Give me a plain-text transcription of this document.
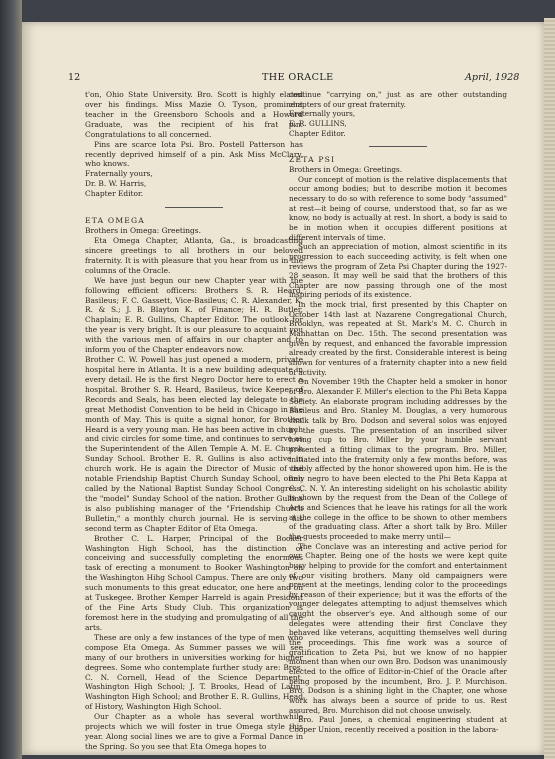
12	THE ORACLE	April, 1928

t'on, Ohio State University. Bro. Scott is highly elated over his findings. Miss Mazie O. Tyson, prominent teacher in the Greensboro Schools and a Howard Graduate, was the recipient of his frat pin. Congratulations to all concerned.

Pins are scarce Iota Psi. Bro. Postell Patterson has recently deprived himself of a pin. Ask Miss McClary, who knows.

Fraternally yours,

Dr. B. W. Harris,

Chapter Editor.

ETA OMEGA

Brothers in Omega: Greetings.

Eta Omega Chapter, Atlanta, Ga., is broadcasting sincere greetings to all brothers in our beloved fraternity. It is with pleasure that you hear from us in the columns of the Oracle.

We have just begun our new Chapter year with the following efficient officers: Brothers S. R. Heard, Basileus; F. C. Gassett, Vice-Basileus; C. R. Alexander, K. R. & S.; J. B. Blayton K. of Finance; H. R. Butler, Chaplain; E. R. Gullins, Chapter Editor. The outlook for the year is very bright. It is our pleasure to acquaint you with the various men of affairs in our chapter and to inform you of the Chapter endeavors now.

Brother C. W. Powell has just opened a modern, private hospital here in Atlanta. It is a new building adequate in every detail. He is the first Negro Doctor here to erect a hospital. Brother S. R. Heard, Basileus, twice Keeper of Records and Seals, has been elected lay delegate to the great Methodist Convention to be held in Chicago in the month of May. This is quite a signal honor, for Brother Heard is a very young man. He has been active in church and civic circles for some time, and continues to serve as the Superintendent of the Allen Temple A. M. E. Church Sunday School. Brother E. R. Gullins is also active in church work. He is again the Director of Music of the notable Friendship Baptist Church Sunday School, often called by the National Baptist Sunday School Congress, the "model" Sunday School of the nation. Brother Gullins is also publishing manager of the "Friendship Church Bulletin," a monthly church journal. He is serving his second term as Chapter Editor of Eta Omega.

Brother C. L. Harper, Principal of the Booker Washington High School, has the distinction of conceiving and successfully completing the enormous task of erecting a monument to Booker Washington on the Washington Hihg School Campus. There are only two such monuments to this great educator, one here and on at Tuskegee. Brother Kemper Harreld is again President of the Fine Arts Study Club. This organization is foremost here in the studying and promulgating of all the arts.

These are only a few instances of the type of men who compose Eta Omega. As Summer passes we will see many of our brothers in universities working for higher degrees. Some who contemplate further study are: Bros. C. N. Cornell, Head of the Science Department, Washington High School; J. T. Brooks, Head of Latin, Washington High School; and Brother E. R. Gullins, Head of History, Washington High School.

Our Chapter as a whole has several worthwhile projects which we will foster in true Omega style this year. Along social lines we are to give a Formal Dance in the Spring. So you see that Eta Omega hopes to

continue "carrying on," just as are other outstanding chapters of our great fraternity.

Fraternally yours,

E. R. GULLINS,

Chapter Editor.

ZETA PSI

Brothers in Omega: Greetings.

Our concept of motion is the relative displacements that occur among bodies; but to describe motion it becomes necessary to do so with reference to some body "assumed" at rest—it being of course, understood that, so far as we know, no body is actually at rest. In short, a body is said to be in motion when it occupies different positions at different intervals of time.

Such an appreciation of motion, almost scientific in its progression to each succeeding activity, is felt when one reviews the program of Zeta Psi Chapter during the 1927-28 season. It may well be said that the brothers of this Chapter are now passing through one of the most inspiring periods of its existence.

In the mock trial, first presented by this Chapter on October 14th last at Nazarene Congregational Church, Brooklyn, was repeated at St. Mark's M. C. Church in Manhattan on Dec. 15th. The second presentation was given by request, and enhanced the favorable impression already created by the first. Considerable interest is being shown for ventures of a fraternity chapter into a new field of activity.

On November 19th the Chapter held a smoker in honor of Bro. Alexander F. Miller's election to the Phi Beta Kappa Society. An elaborate program including addresses by the Basileus and Bro. Stanley M. Douglas, a very humorous chalk talk by Bro. Dodson and several solos was enjoyed by the guests. The presentation of an inscribed silver loving cup to Bro. Miller by your humble servant presented a fitting climax to the program. Bro. Miller, initiated into the fraternity only a few months before, was visibly affected by the honor showered upon him. He is the only negro to have been elected to the Phi Beta Kappa at C. C. N. Y. An interesting sidelight on his scholastic ability is shown by the request from the Dean of the College of Arts and Sciences that he leave his ratings for all the work at the college in the office to be shown to other members of the graduating class. After a short talk by Bro. Miller the guests proceeded to make merry until—

The Conclave was an interesting and active period for our Chapter. Being one of the hosts we were kept quite busy helping to provide for the comfort and entertainment of our visiting brothers. Many old campaigners were present at the meetings, lending color to the proceedings by reason of their experience; but it was the efforts of the younger delegates attempting to adjust themselves which caught the observer's eye. And although some of our delegates were attending their first Conclave they behaved like veterans, acquitting themselves well during the proceedings. This fine work was a source of gratification to Zeta Psi, but we know of no happier moment than when our own Bro. Dodson was unanimously elected to the office of Editor-in-Chief of the Oracle after being proposed by the incumbent, Bro. J. P. Murchison. Bro. Dodson is a shining light in the Chapter, one whose work has always been a source of pride to us. Rest assured, Bro. Murchison did not choose unwisely.

Bro. Paul Jones, a chemical engineering student at Cooper Union, recently received a position in the labora-
